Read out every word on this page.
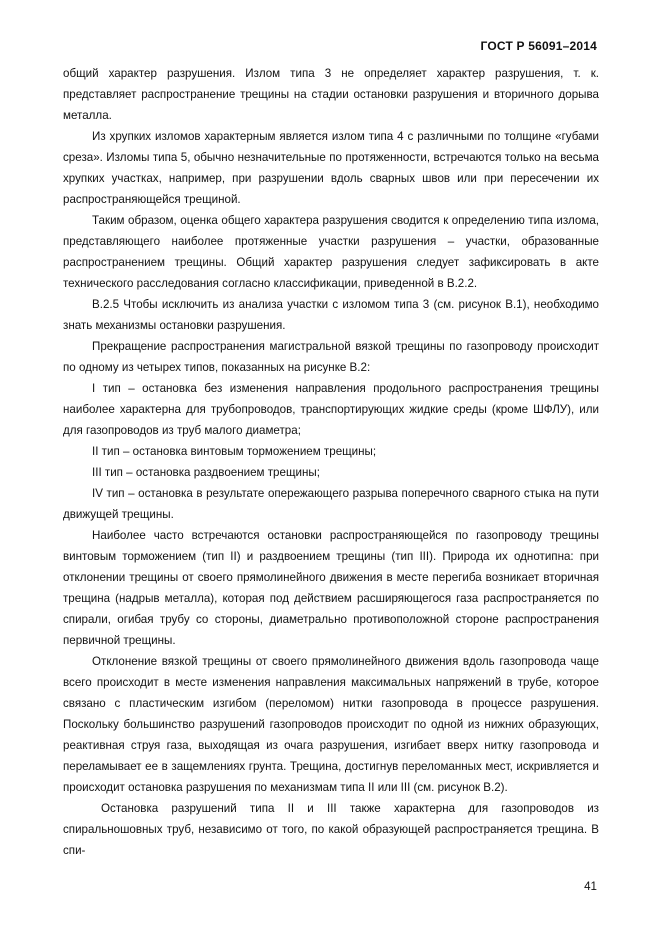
ГОСТ Р 56091–2014

общий характер разрушения. Излом типа 3 не определяет характер разрушения, т. к. представляет распространение трещины на стадии остановки разрушения и вторичного дорыва металла.

Из хрупких изломов характерным является излом типа 4 с различными по толщине «губами среза». Изломы типа 5, обычно незначительные по протяженности, встречаются только на весьма хрупких участках, например, при разрушении вдоль сварных швов или при пересечении их распространяющейся трещиной.

Таким образом, оценка общего характера разрушения сводится к определению типа излома, представляющего наиболее протяженные участки разрушения – участки, образованные распространением трещины. Общий характер разрушения следует зафиксировать в акте технического расследования согласно классификации, приведенной в В.2.2.

В.2.5 Чтобы исключить из анализа участки с изломом типа 3 (см. рисунок В.1), необходимо знать механизмы остановки разрушения.

Прекращение распространения магистральной вязкой трещины по газопроводу происходит по одному из четырех типов, показанных на рисунке В.2:

I тип – остановка без изменения направления продольного распространения трещины наиболее характерна для трубопроводов, транспортирующих жидкие среды (кроме ШФЛУ), или для газопроводов из труб малого диаметра;

II тип – остановка винтовым торможением трещины;

III тип – остановка раздвоением трещины;

IV тип – остановка в результате опережающего разрыва поперечного сварного стыка на пути движущей трещины.

Наиболее часто встречаются остановки распространяющейся по газопроводу трещины винтовым торможением (тип II) и раздвоением трещины (тип III). Природа их однотипна: при отклонении трещины от своего прямолинейного движения в месте перегиба возникает вторичная трещина (надрыв металла), которая под действием расширяющегося газа распространяется по спирали, огибая трубу со стороны, диаметрально противоположной стороне распространения первичной трещины.

Отклонение вязкой трещины от своего прямолинейного движения вдоль газопровода чаще всего происходит в месте изменения направления максимальных напряжений в трубе, которое связано с пластическим изгибом (переломом) нитки газопровода в процессе разрушения. Поскольку большинство разрушений газопроводов происходит по одной из нижних образующих, реактивная струя газа, выходящая из очага разрушения, изгибает вверх нитку газопровода и переламывает ее в защемлениях грунта. Трещина, достигнув переломанных мест, искривляется и происходит остановка разрушения по механизмам типа II или III (см. рисунок В.2).

Остановка разрушений типа II и III также характерна для газопроводов из спиральношовных труб, независимо от того, по какой образующей распространяется трещина. В спи-

41
